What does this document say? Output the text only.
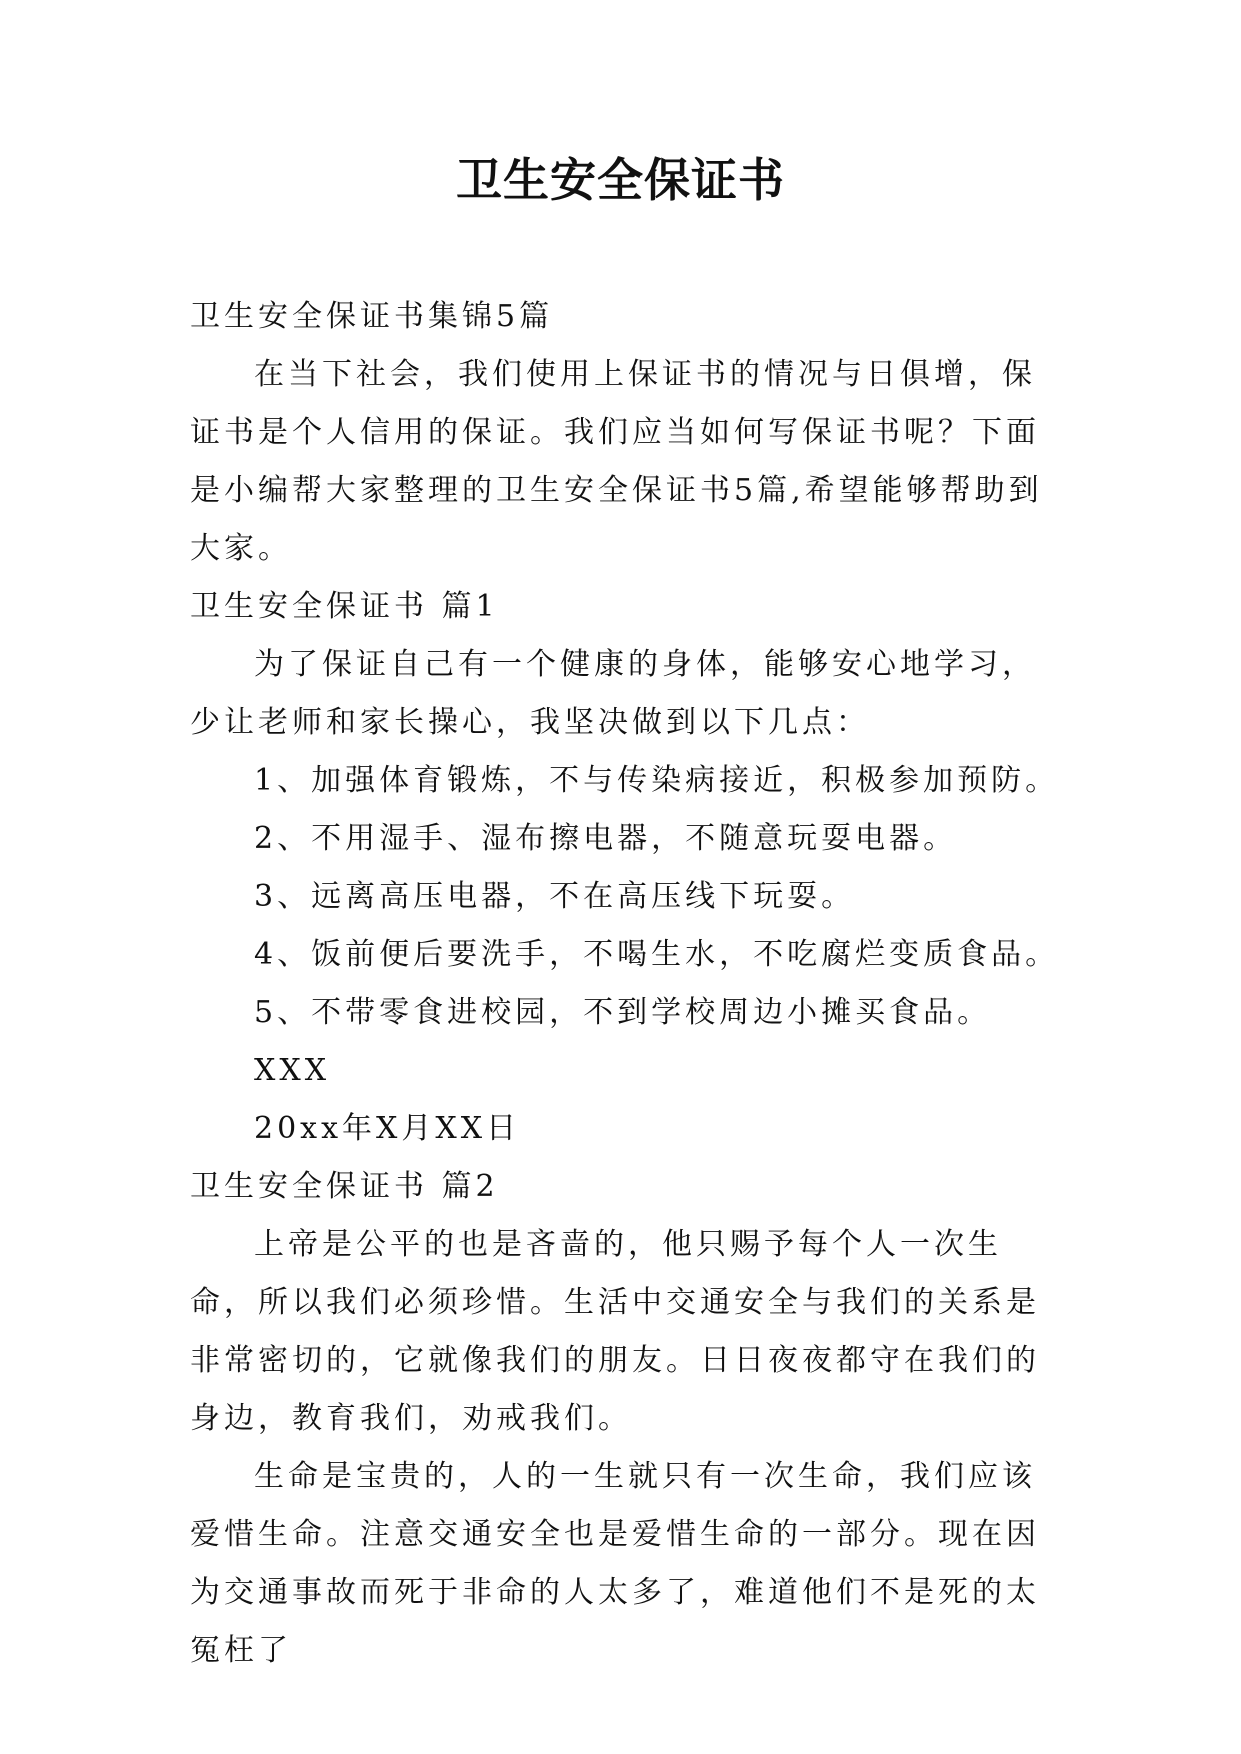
卫生安全保证书

卫生安全保证书集锦5篇

在当下社会，我们使用上保证书的情况与日俱增，保证书是个人信用的保证。我们应当如何写保证书呢？下面是小编帮大家整理的卫生安全保证书5篇,希望能够帮助到大家。

卫生安全保证书 篇1

为了保证自己有一个健康的身体，能够安心地学习，少让老师和家长操心，我坚决做到以下几点：

1、加强体育锻炼，不与传染病接近，积极参加预防。

2、不用湿手、湿布擦电器，不随意玩耍电器。

3、远离高压电器，不在高压线下玩耍。

4、饭前便后要洗手，不喝生水，不吃腐烂变质食品。

5、不带零食进校园，不到学校周边小摊买食品。

XXX

20xx年X月XX日

卫生安全保证书 篇2

上帝是公平的也是吝啬的，他只赐予每个人一次生命，所以我们必须珍惜。生活中交通安全与我们的关系是非常密切的，它就像我们的朋友。日日夜夜都守在我们的身边，教育我们，劝戒我们。

生命是宝贵的，人的一生就只有一次生命，我们应该爱惜生命。注意交通安全也是爱惜生命的一部分。现在因为交通事故而死于非命的人太多了，难道他们不是死的太冤枉了
